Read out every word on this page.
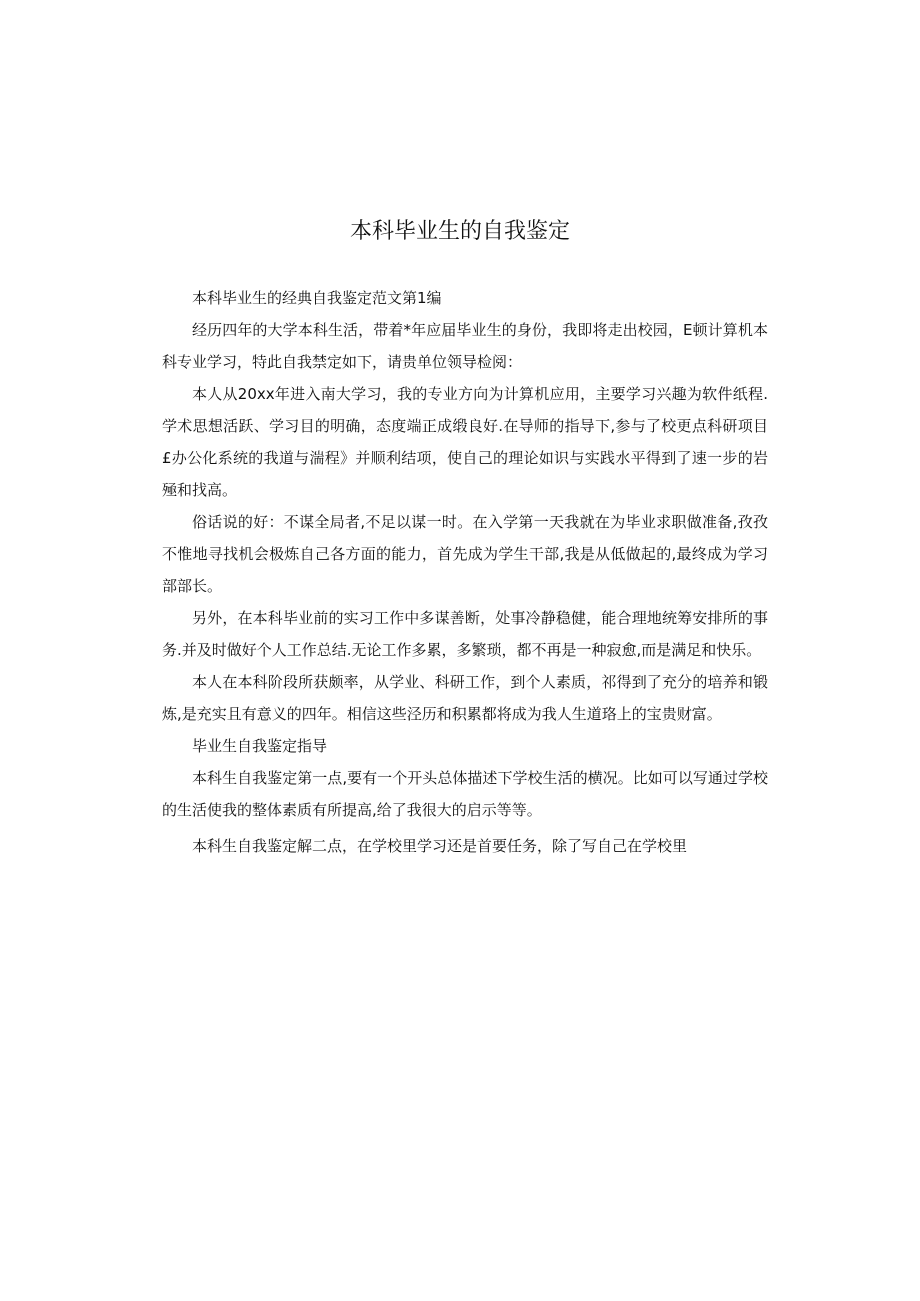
本科毕业生的自我鉴定

本科毕业生的经典自我鉴定范文第1编

经历四年的大学本科生活，带着*年应届毕业生的身份，我即将走出校园，E顿计算机本科专业学习，特此自我禁定如下，请贵单位领导检阅：

本人从20xx年进入南大学习，我的专业方向为计算机应用，主要学习兴趣为软件纸程.学术思想活跃、学习目的明确，态度端正成缎良好.在导师的指导下,参与了校更点科研项目£办公化系统的我道与湍程》并顺利结项，使自己的理论如识与实践水平得到了速一步的岩殛和找高。

俗话说的好：不谋全局者,不足以谋一时。在入学第一天我就在为毕业求职做准备,孜孜不惟地寻找机会极炼自己各方面的能力，首先成为学生干部,我是从低做起的,最终成为学习部部长。

另外，在本科毕业前的实习工作中多谋善断，处事冷静稳健，能合理地统筹安排所的事务.并及时做好个人工作总结.无论工作多累，多繁琐，都不再是一种寂愈,而是满足和快乐。

本人在本科阶段所获颇率，从学业、科研工作，到个人素质，祁得到了充分的培养和锻炼,是充实且有意义的四年。相信这些泾历和积累都将成为我人生道珞上的宝贵财富。

毕业生自我鉴定指导

本科生自我鉴定第一点,要有一个开头总体描述下学校生活的横况。比如可以写通过学校的生活使我的整体素质有所提高,给了我很大的启示等等。

本科生自我鉴定解二点，在学校里学习还是首要任务，除了写自己在学校里
